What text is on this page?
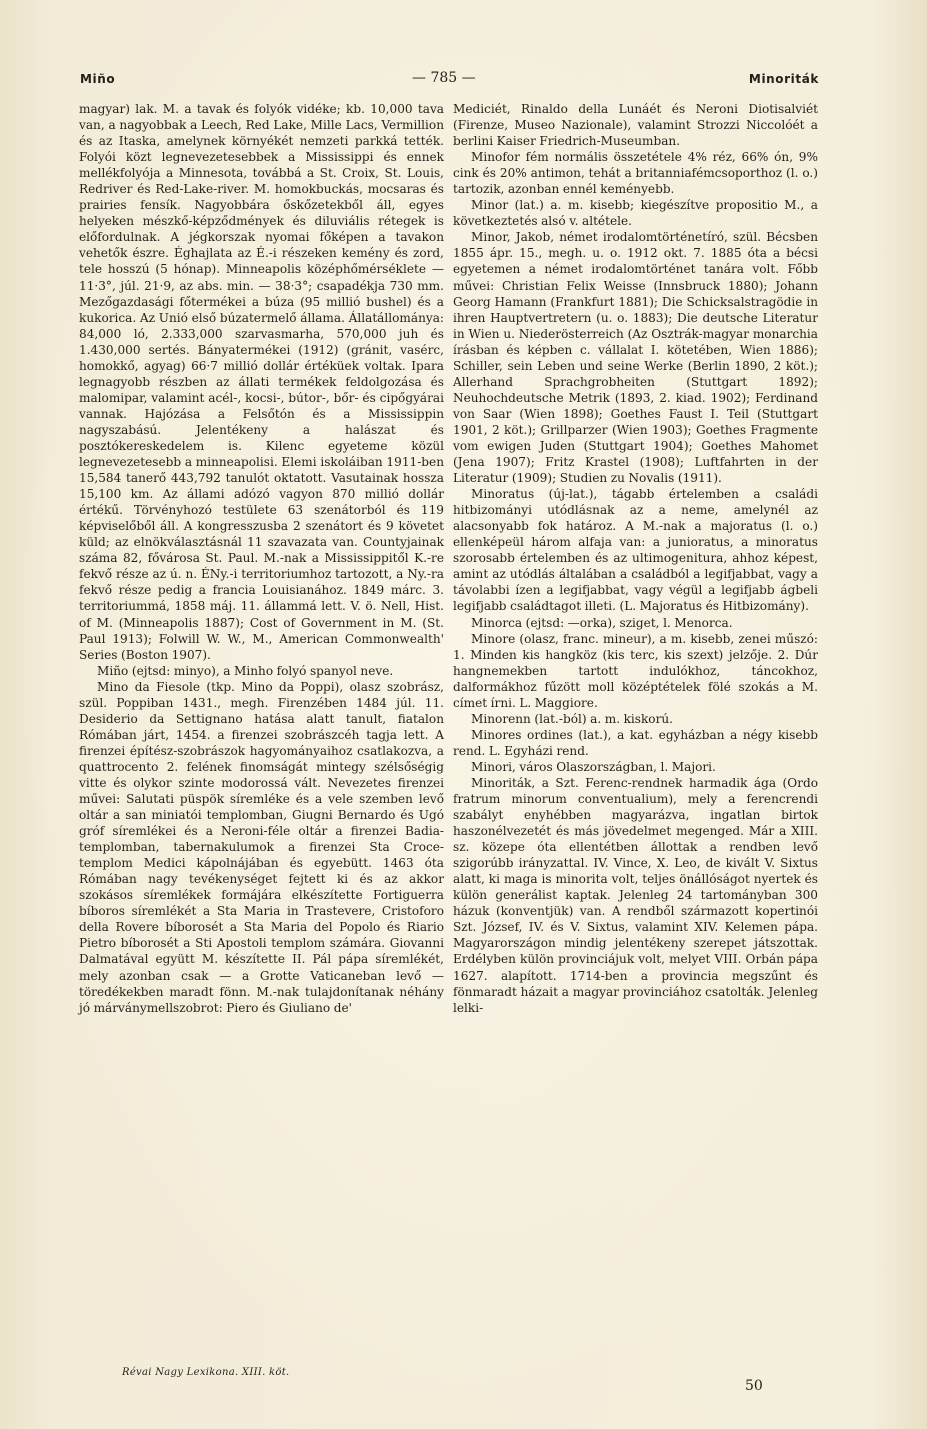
Miño	— 785 —	Minoriták

magyar) lak. M. a tavak és folyók vidéke; kb. 10,000 tava van, a nagyobbak a Leech, Red Lake, Mille Lacs, Vermillion és az Itaska, amelynek környékét nemzeti parkká tették. Folyói közt legnevezetesebbek a Mississippi és ennek mellékfolyója a Minnesota, továbbá a St. Croix, St. Louis, Redriver és Red-Lake-river. M. homokbuckás, mocsaras és prairies fensík. Nagyobbára őskőzetekből áll, egyes helyeken mészkő-képződmények és diluviális rétegek is előfordulnak. A jégkorszak nyomai főképen a tavakon vehetők észre. Éghajlata az É.-i részeken kemény és zord, tele hosszú (5 hónap). Minneapolis középhőmérséklete — 11·3°, júl. 21·9, az abs. min. — 38·3°; csapadékja 730 mm. Mezőgazdasági főtermékei a búza (95 millió bushel) és a kukorica. Az Unió első búzatermelő állama. Állatállománya: 84,000 ló, 2.333,000 szarvasmarha, 570,000 juh és 1.430,000 sertés. Bányatermékei (1912) (gránit, vasérc, homokkő, agyag) 66·7 millió dollár értéküek voltak. Ipara legnagyobb részben az állati termékek feldolgozása és malomipar, valamint acél-, kocsi-, bútor-, bőr- és cipőgyárai vannak. Hajózása a Felsőtón és a Mississippin nagyszabású. Jelentékeny a halászat és posztókereskedelem is. Kilenc egyeteme közül legnevezetesebb a minneapolisi. Elemi iskoláiban 1911-ben 15,584 tanerő 443,792 tanulót oktatott. Vasutainak hossza 15,100 km. Az állami adózó vagyon 870 millió dollár értékű. Törvényhozó testülete 63 szenátorból és 119 képviselőből áll. A kongresszusba 2 szenátort és 9 követet küld; az elnökválasztásnál 11 szavazata van. Countyjainak száma 82, fővárosa St. Paul. M.-nak a Mississippitől K.-re fekvő része az ú. n. ÉNy.-i territoriumhoz tartozott, a Ny.-ra fekvő része pedig a francia Louisianához. 1849 márc. 3. territoriummá, 1858 máj. 11. állammá lett. V. ö. Nell, Hist. of M. (Minneapolis 1887); Cost of Government in M. (St. Paul 1913); Folwill W. W., M., American Commonwealth' Series (Boston 1907).

Miño (ejtsd: minyo), a Minho folyó spanyol neve.

Mino da Fiesole (tkp. Mino da Poppi), olasz szobrász, szül. Poppiban 1431., megh. Firenzében 1484 júl. 11. Desiderio da Settignano hatása alatt tanult, fiatalon Rómában járt, 1454. a firenzei szobrászcéh tagja lett. A firenzei építész-szobrászok hagyományaihoz csatlakozva, a quattrocento 2. felének finomságát mintegy szélsőségig vitte és olykor szinte modorossá vált. Nevezetes firenzei művei: Salutati püspök síremléke és a vele szemben levő oltár a san miniatói templomban, Giugni Bernardo és Ugó gróf síremlékei és a Neroni-féle oltár a firenzei Badia-templomban, tabernakulumok a firenzei Sta Croce-templom Medici kápolnájában és egyebütt. 1463 óta Rómában nagy tevékenységet fejtett ki és az akkor szokásos síremlékek formájára elkészítette Fortiguerra bíboros síremlékét a Sta Maria in Trastevere, Cristoforo della Rovere bíborosét a Sta Maria del Popolo és Riario Pietro bíborosét a Sti Apostoli templom számára. Giovanni Dalmatával együtt M. készítette II. Pál pápa síremlékét, mely azonban csak — a Grotte Vaticaneban levő — töredékekben maradt fönn. M.-nak tulajdonítanak néhány jó márványmellszobrot: Piero és Giuliano de'

Mediciét, Rinaldo della Lunáét és Neroni Diotisalviét (Firenze, Museo Nazionale), valamint Strozzi Niccolóét a berlini Kaiser Friedrich-Museumban.

Minofor fém normális összetétele 4% réz, 66% ón, 9% cink és 20% antimon, tehát a britanniafémcsoporthoz (l. o.) tartozik, azonban ennél keményebb.

Minor (lat.) a. m. kisebb; kiegészítve propositio M., a következtetés alsó v. altétele.

Minor, Jakob, német irodalomtörténetíró, szül. Bécsben 1855 ápr. 15., megh. u. o. 1912 okt. 7. 1885 óta a bécsi egyetemen a német irodalomtörténet tanára volt. Főbb művei: Christian Felix Weisse (Innsbruck 1880); Johann Georg Hamann (Frankfurt 1881); Die Schicksalstragödie in ihren Hauptvertretern (u. o. 1883); Die deutsche Literatur in Wien u. Niederösterreich (Az Osztrák-magyar monarchia írásban és képben c. vállalat I. kötetében, Wien 1886); Schiller, sein Leben und seine Werke (Berlin 1890, 2 köt.); Allerhand Sprachgrobheiten (Stuttgart 1892); Neuhochdeutsche Metrik (1893, 2. kiad. 1902); Ferdinand von Saar (Wien 1898); Goethes Faust I. Teil (Stuttgart 1901, 2 köt.); Grillparzer (Wien 1903); Goethes Fragmente vom ewigen Juden (Stuttgart 1904); Goethes Mahomet (Jena 1907); Fritz Krastel (1908); Luftfahrten in der Literatur (1909); Studien zu Novalis (1911).

Minoratus (új-lat.), tágabb értelemben a családi hitbizományi utódlásnak az a neme, amelynél az alacsonyabb fok határoz. A M.-nak a majoratus (l. o.) ellenképeül három alfaja van: a junioratus, a minoratus szorosabb értelemben és az ultimogenitura, ahhoz képest, amint az utódlás általában a családból a legifjabbat, vagy a távolabbi ízen a legifjabbat, vagy végül a legifjabb ágbeli legifjabb családtagot illeti. (L. Majoratus és Hitbizomány).

Minorca (ejtsd: —orka), sziget, l. Menorca.

Minore (olasz, franc. mineur), a m. kisebb, zenei műszó: 1. Minden kis hangköz (kis terc, kis szext) jelzője. 2. Dúr hangnemekben tartott indulókhoz, táncokhoz, dalformákhoz fűzött moll középtételek fölé szokás a M. címet írni. L. Maggiore.

Minorenn (lat.-ból) a. m. kiskorú.

Minores ordines (lat.), a kat. egyházban a négy kisebb rend. L. Egyházi rend.

Minori, város Olaszországban, l. Majori.

Minoriták, a Szt. Ferenc-rendnek harmadik ága (Ordo fratrum minorum conventualium), mely a ferencrendi szabályt enyhébben magyarázva, ingatlan birtok haszonélvezetét és más jövedelmet megenged. Már a XIII. sz. közepe óta ellentétben állottak a rendben levő szigorúbb irányzattal. IV. Vince, X. Leo, de kivált V. Sixtus alatt, ki maga is minorita volt, teljes önállóságot nyertek és külön generálist kaptak. Jelenleg 24 tartományban 300 házuk (konventjük) van. A rendből származott kopertinói Szt. József, IV. és V. Sixtus, valamint XIV. Kelemen pápa. Magyarországon mindig jelentékeny szerepet játszottak. Erdélyben külön provinciájuk volt, melyet VIII. Orbán pápa 1627. alapított. 1714-ben a provincia megszűnt és fönmaradt házait a magyar provinciához csatolták. Jelenleg lelki-

Révai Nagy Lexikona. XIII. köt.
50
